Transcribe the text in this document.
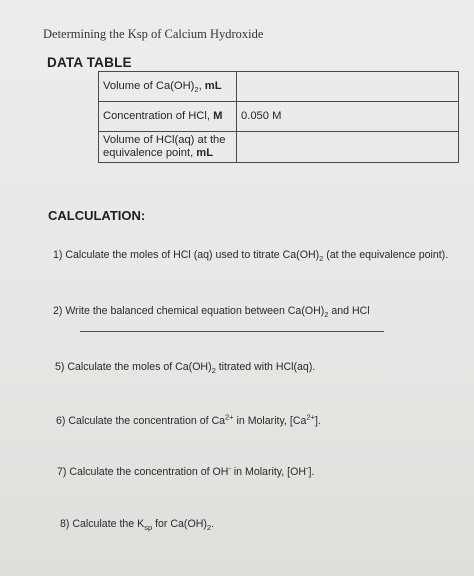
Determining the Ksp of Calcium Hydroxide
DATA TABLE
Volume of $Ca(OH)_2$, mL	
Concentration of HCl, M	0.050 M
Volume of HCl(aq) at the
equivalence point, mL	
CALCULATION:
1) Calculate the moles of HCl (aq) used to titrate $Ca(OH)_2$ (at the equivalence point).
2) Write the balanced chemical equation between $Ca(OH)_2$ and HCl
5) Calculate the moles of $Ca(OH)_2$ titrated with HCl(aq).
6) Calculate the concentration of $Ca^{2+}$ in Molarity, $[Ca^{2+}]$.
7) Calculate the concentration of OH- in Molarity, [OH-].
8) Calculate the $K_{sp}$ for $Ca(OH)_2$.
